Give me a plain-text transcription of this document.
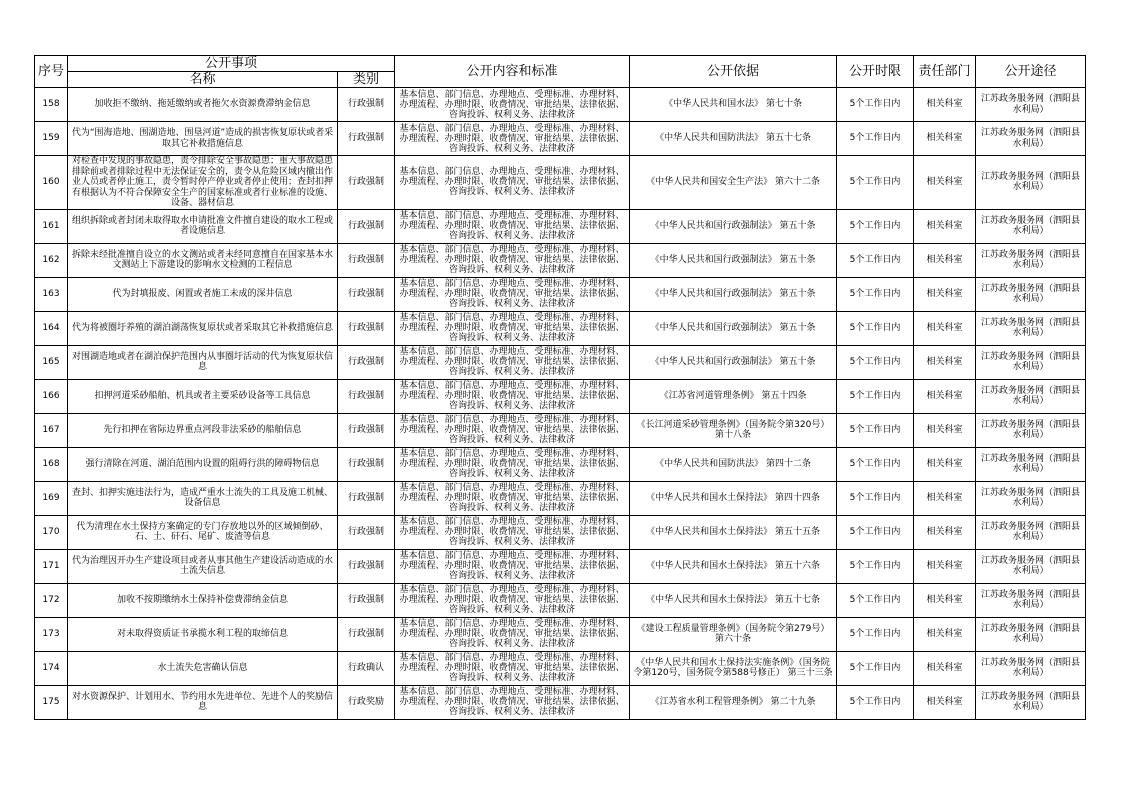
序号	公开事项		公开内容和标准	公开依据	公开时限	责任部门	公开途径
	名称	类别					
158	加收拒不缴纳、拖延缴纳或者拖欠水资源费滞纳金信息	行政强制	基本信息、部门信息、办理地点、受理标准、办理材料、办理流程、办理时限、收费情况、审批结果、法律依据、咨询投诉、权利义务、法律救济	《中华人民共和国水法》 第七十条	5个工作日内	相关科室	江苏政务服务网（泗阳县水利局）
159	代为“围海造地、围湖造地、围垦河道”造成的损害恢复原状或者采取其它补救措施信息	行政强制	基本信息、部门信息、办理地点、受理标准、办理材料、办理流程、办理时限、收费情况、审批结果、法律依据、咨询投诉、权利义务、法律救济	《中华人民共和国防洪法》 第五十七条	5个工作日内	相关科室	江苏政务服务网（泗阳县水利局）
160	对检查中发现的事故隐患，责令排除安全事故隐患；重大事故隐患排除前或者排除过程中无法保证安全的，责令从危险区域内撤出作业人员或者停止施工，责令暂时停产停业或者停止使用；查封扣押有根据认为不符合保障安全生产的国家标准或者行业标准的设施、设备、器材信息	行政强制	基本信息、部门信息、办理地点、受理标准、办理材料、办理流程、办理时限、收费情况、审批结果、法律依据、咨询投诉、权利义务、法律救济	《中华人民共和国安全生产法》 第六十二条	5个工作日内	相关科室	江苏政务服务网（泗阳县水利局）
161	组织拆除或者封闭未取得取水申请批准文件擅自建设的取水工程或者设施信息	行政强制	基本信息、部门信息、办理地点、受理标准、办理材料、办理流程、办理时限、收费情况、审批结果、法律依据、咨询投诉、权利义务、法律救济	《中华人民共和国行政强制法》 第五十条	5个工作日内	相关科室	江苏政务服务网（泗阳县水利局）
162	拆除未经批准擅自设立的水文测站或者未经同意擅自在国家基本水文测站上下游建设的影响水文检测的工程信息	行政强制	基本信息、部门信息、办理地点、受理标准、办理材料、办理流程、办理时限、收费情况、审批结果、法律依据、咨询投诉、权利义务、法律救济	《中华人民共和国行政强制法》 第五十条	5个工作日内	相关科室	江苏政务服务网（泗阳县水利局）
163	代为封填报废、闲置或者施工未成的深井信息	行政强制	基本信息、部门信息、办理地点、受理标准、办理材料、办理流程、办理时限、收费情况、审批结果、法律依据、咨询投诉、权利义务、法律救济	《中华人民共和国行政强制法》 第五十条	5个工作日内	相关科室	江苏政务服务网（泗阳县水利局）
164	代为将被圈圩养殖的湖泊湖荡恢复原状或者采取其它补救措施信息	行政强制	基本信息、部门信息、办理地点、受理标准、办理材料、办理流程、办理时限、收费情况、审批结果、法律依据、咨询投诉、权利义务、法律救济	《中华人民共和国行政强制法》 第五十条	5个工作日内	相关科室	江苏政务服务网（泗阳县水利局）
165	对围湖造地或者在湖泊保护范围内从事圈圩活动的代为恢复原状信息	行政强制	基本信息、部门信息、办理地点、受理标准、办理材料、办理流程、办理时限、收费情况、审批结果、法律依据、咨询投诉、权利义务、法律救济	《中华人民共和国行政强制法》 第五十条	5个工作日内	相关科室	江苏政务服务网（泗阳县水利局）
166	扣押河道采砂船舶、机具或者主要采砂设备等工具信息	行政强制	基本信息、部门信息、办理地点、受理标准、办理材料、办理流程、办理时限、收费情况、审批结果、法律依据、咨询投诉、权利义务、法律救济	《江苏省河道管理条例》 第五十四条	5个工作日内	相关科室	江苏政务服务网（泗阳县水利局）
167	先行扣押在省际边界重点河段非法采砂的船舶信息	行政强制	基本信息、部门信息、办理地点、受理标准、办理材料、办理流程、办理时限、收费情况、审批结果、法律依据、咨询投诉、权利义务、法律救济	《长江河道采砂管理条例》（国务院令第320号） 第十八条	5个工作日内	相关科室	江苏政务服务网（泗阳县水利局）
168	强行清除在河道、湖泊范围内设置的阻碍行洪的障碍物信息	行政强制	基本信息、部门信息、办理地点、受理标准、办理材料、办理流程、办理时限、收费情况、审批结果、法律依据、咨询投诉、权利义务、法律救济	《中华人民共和国防洪法》 第四十二条	5个工作日内	相关科室	江苏政务服务网（泗阳县水利局）
169	查封、扣押实施违法行为，造成严重水土流失的工具及施工机械、设备信息	行政强制	基本信息、部门信息、办理地点、受理标准、办理材料、办理流程、办理时限、收费情况、审批结果、法律依据、咨询投诉、权利义务、法律救济	《中华人民共和国水土保持法》 第四十四条	5个工作日内	相关科室	江苏政务服务网（泗阳县水利局）
170	代为清理在水土保持方案确定的专门存放地以外的区域倾倒砂、石、土、矸石、尾矿、废渣等信息	行政强制	基本信息、部门信息、办理地点、受理标准、办理材料、办理流程、办理时限、收费情况、审批结果、法律依据、咨询投诉、权利义务、法律救济	《中华人民共和国水土保持法》 第五十五条	5个工作日内	相关科室	江苏政务服务网（泗阳县水利局）
171	代为治理因开办生产建设项目或者从事其他生产建设活动造成的水土流失信息	行政强制	基本信息、部门信息、办理地点、受理标准、办理材料、办理流程、办理时限、收费情况、审批结果、法律依据、咨询投诉、权利义务、法律救济	《中华人民共和国水土保持法》 第五十六条	5个工作日内	相关科室	江苏政务服务网（泗阳县水利局）
172	加收不按期缴纳水土保持补偿费滞纳金信息	行政强制	基本信息、部门信息、办理地点、受理标准、办理材料、办理流程、办理时限、收费情况、审批结果、法律依据、咨询投诉、权利义务、法律救济	《中华人民共和国水土保持法》 第五十七条	5个工作日内	相关科室	江苏政务服务网（泗阳县水利局）
173	对未取得资质证书承揽水利工程的取缔信息	行政强制	基本信息、部门信息、办理地点、受理标准、办理材料、办理流程、办理时限、收费情况、审批结果、法律依据、咨询投诉、权利义务、法律救济	《建设工程质量管理条例》（国务院令第279号） 第六十条	5个工作日内	相关科室	江苏政务服务网（泗阳县水利局）
174	水土流失危害确认信息	行政确认	基本信息、部门信息、办理地点、受理标准、办理材料、办理流程、办理时限、收费情况、审批结果、法律依据、咨询投诉、权利义务、法律救济	《中华人民共和国水土保持法实施条例》（国务院令第120号，国务院令第588号修正） 第三十三条	5个工作日内	相关科室	江苏政务服务网（泗阳县水利局）
175	对水资源保护、计划用水、节约用水先进单位、先进个人的奖励信息	行政奖励	基本信息、部门信息、办理地点、受理标准、办理材料、办理流程、办理时限、收费情况、审批结果、法律依据、咨询投诉、权利义务、法律救济	《江苏省水利工程管理条例》 第二十九条	5个工作日内	相关科室	江苏政务服务网（泗阳县水利局）
